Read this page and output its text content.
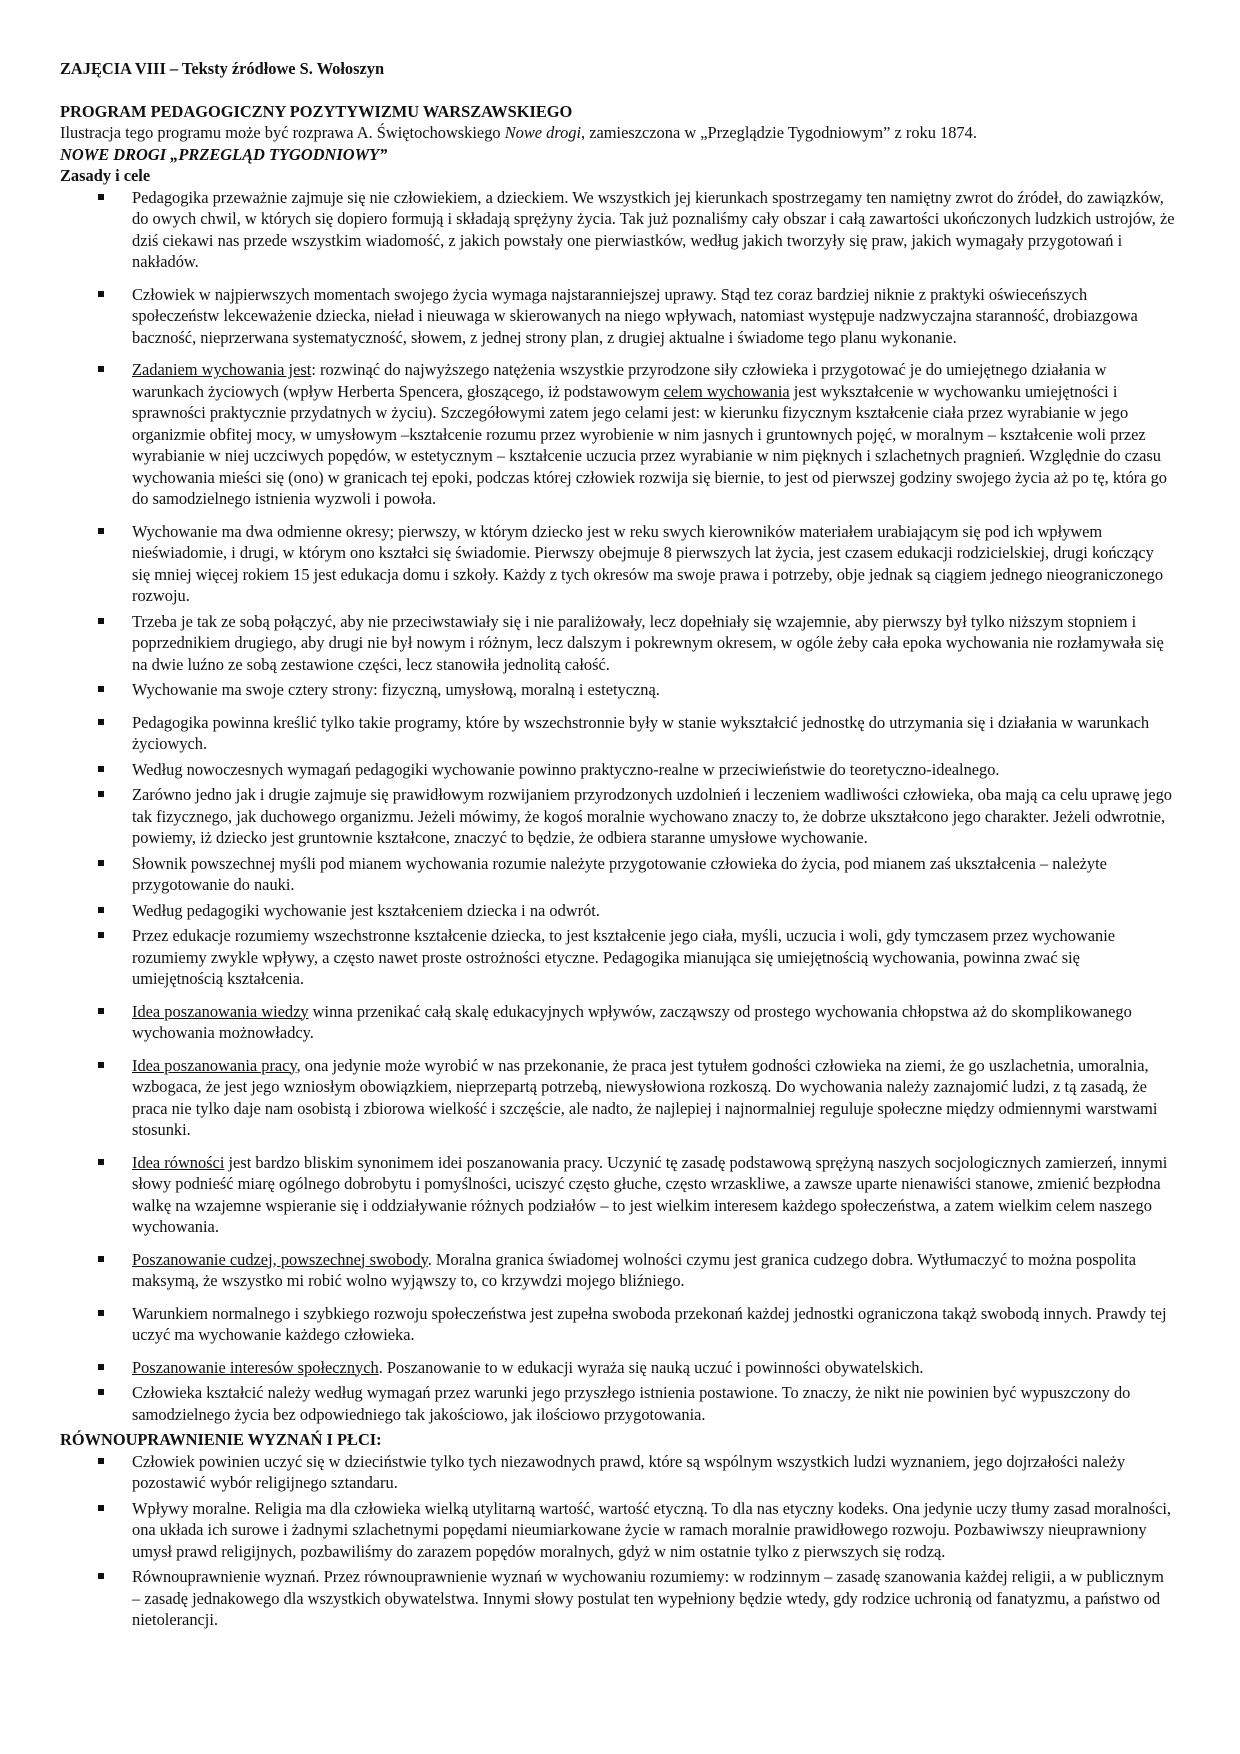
ZAJĘCIA VIII – Teksty źródłowe S. Wołoszyn

PROGRAM PEDAGOGICZNY POZYTYWIZMU WARSZAWSKIEGO

Ilustracja tego programu może być rozprawa A. Świętochowskiego Nowe drogi, zamieszczona w „Przeglądzie Tygodniowym” z roku 1874.

NOWE DROGI „PRZEGLĄD TYGODNIOWY”

Zasady i cele

Pedagogika przeważnie zajmuje się nie człowiekiem, a dzieckiem. We wszystkich jej kierunkach spostrzegamy ten namiętny zwrot do źródeł, do zawiązków, do owych chwil, w których się dopiero formują i składają sprężyny życia. Tak już poznaliśmy cały obszar i całą zawartości ukończonych ludzkich ustrojów, że dziś ciekawi nas przede wszystkim wiadomość, z jakich powstały one pierwiastków, według jakich tworzyły się praw, jakich wymagały przygotowań i nakładów.
Człowiek w najpierwszych momentach swojego życia wymaga najstaranniejszej uprawy. Stąd tez coraz bardziej niknie z praktyki oświeceńszych społeczeństw lekceważenie dziecka, nieład i nieuwaga w skierowanych na niego wpływach, natomiast występuje nadzwyczajna staranność, drobiazgowa baczność, nieprzerwana systematyczność, słowem, z jednej strony plan, z drugiej aktualne i świadome tego planu wykonanie.
Zadaniem wychowania jest: rozwinąć do najwyższego natężenia wszystkie przyrodzone siły człowieka i przygotować je do umiejętnego działania w warunkach życiowych (wpływ Herberta Spencera, głoszącego, iż podstawowym celem wychowania jest wykształcenie w wychowanku umiejętności i sprawności praktycznie przydatnych w życiu). Szczegółowymi zatem jego celami jest: w kierunku fizycznym kształcenie ciała przez wyrabianie w jego organizmie obfitej mocy, w umysłowym –kształcenie rozumu przez wyrobienie w nim jasnych i gruntownych pojęć, w moralnym – kształcenie woli przez wyrabianie w niej uczciwych popędów, w estetycznym – kształcenie uczucia przez wyrabianie w nim pięknych i szlachetnych pragnień. Względnie do czasu wychowania mieści się (ono) w granicach tej epoki, podczas której człowiek rozwija się biernie, to jest od pierwszej godziny swojego życia aż po tę, która go do samodzielnego istnienia wyzwoli i powoła.
Wychowanie ma dwa odmienne okresy; pierwszy, w którym dziecko jest w reku swych kierowników materiałem urabiającym się pod ich wpływem nieświadomie, i drugi, w którym ono kształci się świadomie. Pierwszy obejmuje 8 pierwszych lat życia, jest czasem edukacji rodzicielskiej, drugi kończący się mniej więcej rokiem 15 jest edukacja domu i szkoły. Każdy z tych okresów ma swoje prawa i potrzeby, obje jednak są ciągiem jednego nieograniczonego rozwoju.
Trzeba je tak ze sobą połączyć, aby nie przeciwstawiały się i nie paraliżowały, lecz dopełniały się wzajemnie, aby pierwszy był tylko niższym stopniem i poprzednikiem drugiego, aby drugi nie był nowym i różnym, lecz dalszym i pokrewnym okresem, w ogóle żeby cała epoka wychowania nie rozłamywała się na dwie luźno ze sobą zestawione części, lecz stanowiła jednolitą całość.
Wychowanie ma swoje cztery strony: fizyczną, umysłową, moralną i estetyczną.
Pedagogika powinna kreślić tylko takie programy, które by wszechstronnie były w stanie wykształcić jednostkę do utrzymania się i działania w warunkach życiowych.
Według nowoczesnych wymagań pedagogiki wychowanie powinno praktyczno-realne w przeciwieństwie do teoretyczno-idealnego.
Zarówno jedno jak i drugie zajmuje się prawidłowym rozwijaniem przyrodzonych uzdolnień i leczeniem wadliwości człowieka, oba mają ca celu uprawę jego tak fizycznego, jak duchowego organizmu. Jeżeli mówimy, że kogoś moralnie wychowano znaczy to, że dobrze ukształcono jego charakter. Jeżeli odwrotnie, powiemy, iż dziecko jest gruntownie kształcone, znaczyć to będzie, że odbiera staranne umysłowe wychowanie.
Słownik powszechnej myśli pod mianem wychowania rozumie należyte przygotowanie człowieka do życia, pod mianem zaś ukształcenia – należyte przygotowanie do nauki.
Według pedagogiki wychowanie jest kształceniem dziecka i na odwrót.
Przez edukacje rozumiemy wszechstronne kształcenie dziecka, to jest kształcenie jego ciała, myśli, uczucia i woli, gdy tymczasem przez wychowanie rozumiemy zwykle wpływy, a często nawet proste ostrożności etyczne. Pedagogika mianująca się umiejętnością wychowania, powinna zwać się umiejętnością kształcenia.
Idea poszanowania wiedzy winna przenikać całą skalę edukacyjnych wpływów, zacząwszy od prostego wychowania chłopstwa aż do skomplikowanego wychowania możnowładcy.
Idea poszanowania pracy, ona jedynie może wyrobić w nas przekonanie, że praca jest tytułem godności człowieka na ziemi, że go uszlachetnia, umoralnia, wzbogaca, że jest jego wzniosłym obowiązkiem, nieprzepartą potrzebą, niewysłowiona rozkoszą. Do wychowania należy zaznajomić ludzi, z tą zasadą, że praca nie tylko daje nam osobistą i zbiorowa wielkość i szczęście, ale nadto, że najlepiej i najnormalniej reguluje społeczne między odmiennymi warstwami stosunki.
Idea równości jest bardzo bliskim synonimem idei poszanowania pracy. Uczynić tę zasadę podstawową sprężyną naszych socjologicznych zamierzeń, innymi słowy podnieść miarę ogólnego dobrobytu i pomyślności, uciszyć często głuche, często wrzaskliwe, a zawsze uparte nienawiści stanowe, zmienić bezpłodna walkę na wzajemne wspieranie się i oddziaływanie różnych podziałów – to jest wielkim interesem każdego społeczeństwa, a zatem wielkim celem naszego wychowania.
Poszanowanie cudzej, powszechnej swobody. Moralna granica świadomej wolności czymu jest granica cudzego dobra. Wytłumaczyć to można pospolita maksymą, że wszystko mi robić wolno wyjąwszy to, co krzywdzi mojego bliźniego.
Warunkiem normalnego i szybkiego rozwoju społeczeństwa jest zupełna swoboda przekonań każdej jednostki ograniczona takąż swobodą innych. Prawdy tej uczyć ma wychowanie każdego człowieka.
Poszanowanie interesów społecznych. Poszanowanie to w edukacji wyraża się nauką uczuć i powinności obywatelskich.
Człowieka kształcić należy według wymagań przez warunki jego przyszłego istnienia postawione. To znaczy, że nikt nie powinien być wypuszczony do samodzielnego życia bez odpowiedniego tak jakościowo, jak ilościowo przygotowania.

RÓWNOUPRAWNIENIE WYZNAŃ I PŁCI:

Człowiek powinien uczyć się w dzieciństwie tylko tych niezawodnych prawd, które są wspólnym wszystkich ludzi wyznaniem, jego dojrzałości należy pozostawić wybór religijnego sztandaru.
Wpływy moralne. Religia ma dla człowieka wielką utylitarną wartość, wartość etyczną. To dla nas etyczny kodeks. Ona jedynie uczy tłumy zasad moralności, ona układa ich surowe i żadnymi szlachetnymi popędami nieumiarkowane życie w ramach moralnie prawidłowego rozwoju. Pozbawiwszy nieuprawniony umysł prawd religijnych, pozbawiliśmy do zarazem popędów moralnych, gdyż w nim ostatnie tylko z pierwszych się rodzą.
Równouprawnienie wyznań. Przez równouprawnienie wyznań w wychowaniu rozumiemy: w rodzinnym – zasadę szanowania każdej religii, a w publicznym – zasadę jednakowego dla wszystkich obywatelstwa. Innymi słowy postulat ten wypełniony będzie wtedy, gdy rodzice uchronią od fanatyzmu, a państwo od nietolerancji.
